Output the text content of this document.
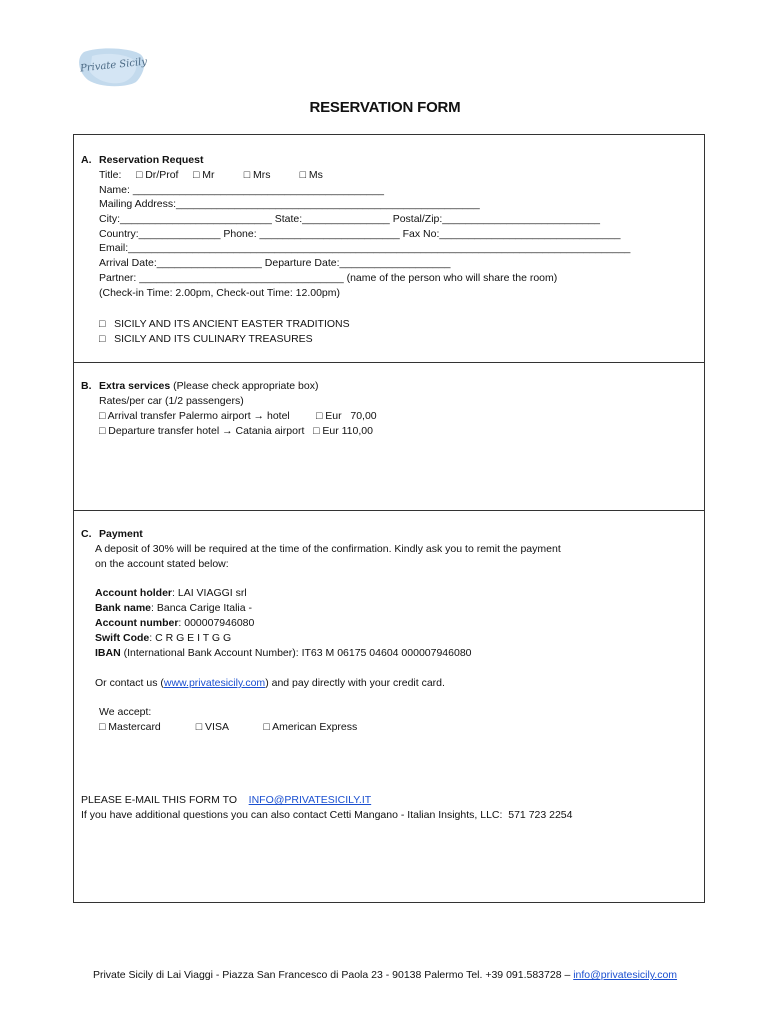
Private Sicily
RESERVATION FORM
A. Reservation Request
Title:     □ Dr/Prof     □ Mr          □ Mrs          □ Ms
Name: ___________________________________________
Mailing Address:____________________________________________________
City:__________________________ State:_______________ Postal/Zip:___________________________
Country:______________ Phone: ________________________ Fax No:_______________________________
Email:______________________________________________________________________________________
Arrival Date:__________________ Departure Date:___________________
Partner: ___________________________________ (name of the person who will share the room)
(Check-in Time: 2.00pm, Check-out Time: 12.00pm)
□   SICILY AND ITS ANCIENT EASTER TRADITIONS
□   SICILY AND ITS CULINARY TREASURES
B. Extra services (Please check appropriate box)
Rates/per car (1/2 passengers)
□ Arrival transfer Palermo airport → hotel         □ Eur   70,00
□ Departure transfer hotel → Catania airport   □ Eur 110,00
C. Payment
A deposit of 30% will be required at the time of the confirmation. Kindly ask you to remit the payment
on the account stated below:
Account holder: LAI VIAGGI srl
Bank name: Banca Carige Italia -
Account number: 000007946080
Swift Code: C R G E I T G G
IBAN (International Bank Account Number): IT63 M 06175 04604 000007946080
Or contact us (www.privatesicily.com) and pay directly with your credit card.
We accept:
□ Mastercard            □ VISA            □ American Express
PLEASE E-MAIL THIS FORM TO    INFO@PRIVATESICILY.IT
If you have additional questions you can also contact Cetti Mangano - Italian Insights, LLC:  571 723 2254
Private Sicily di Lai Viaggi - Piazza San Francesco di Paola 23 - 90138 Palermo Tel. +39 091.583728 – info@privatesicily.com
